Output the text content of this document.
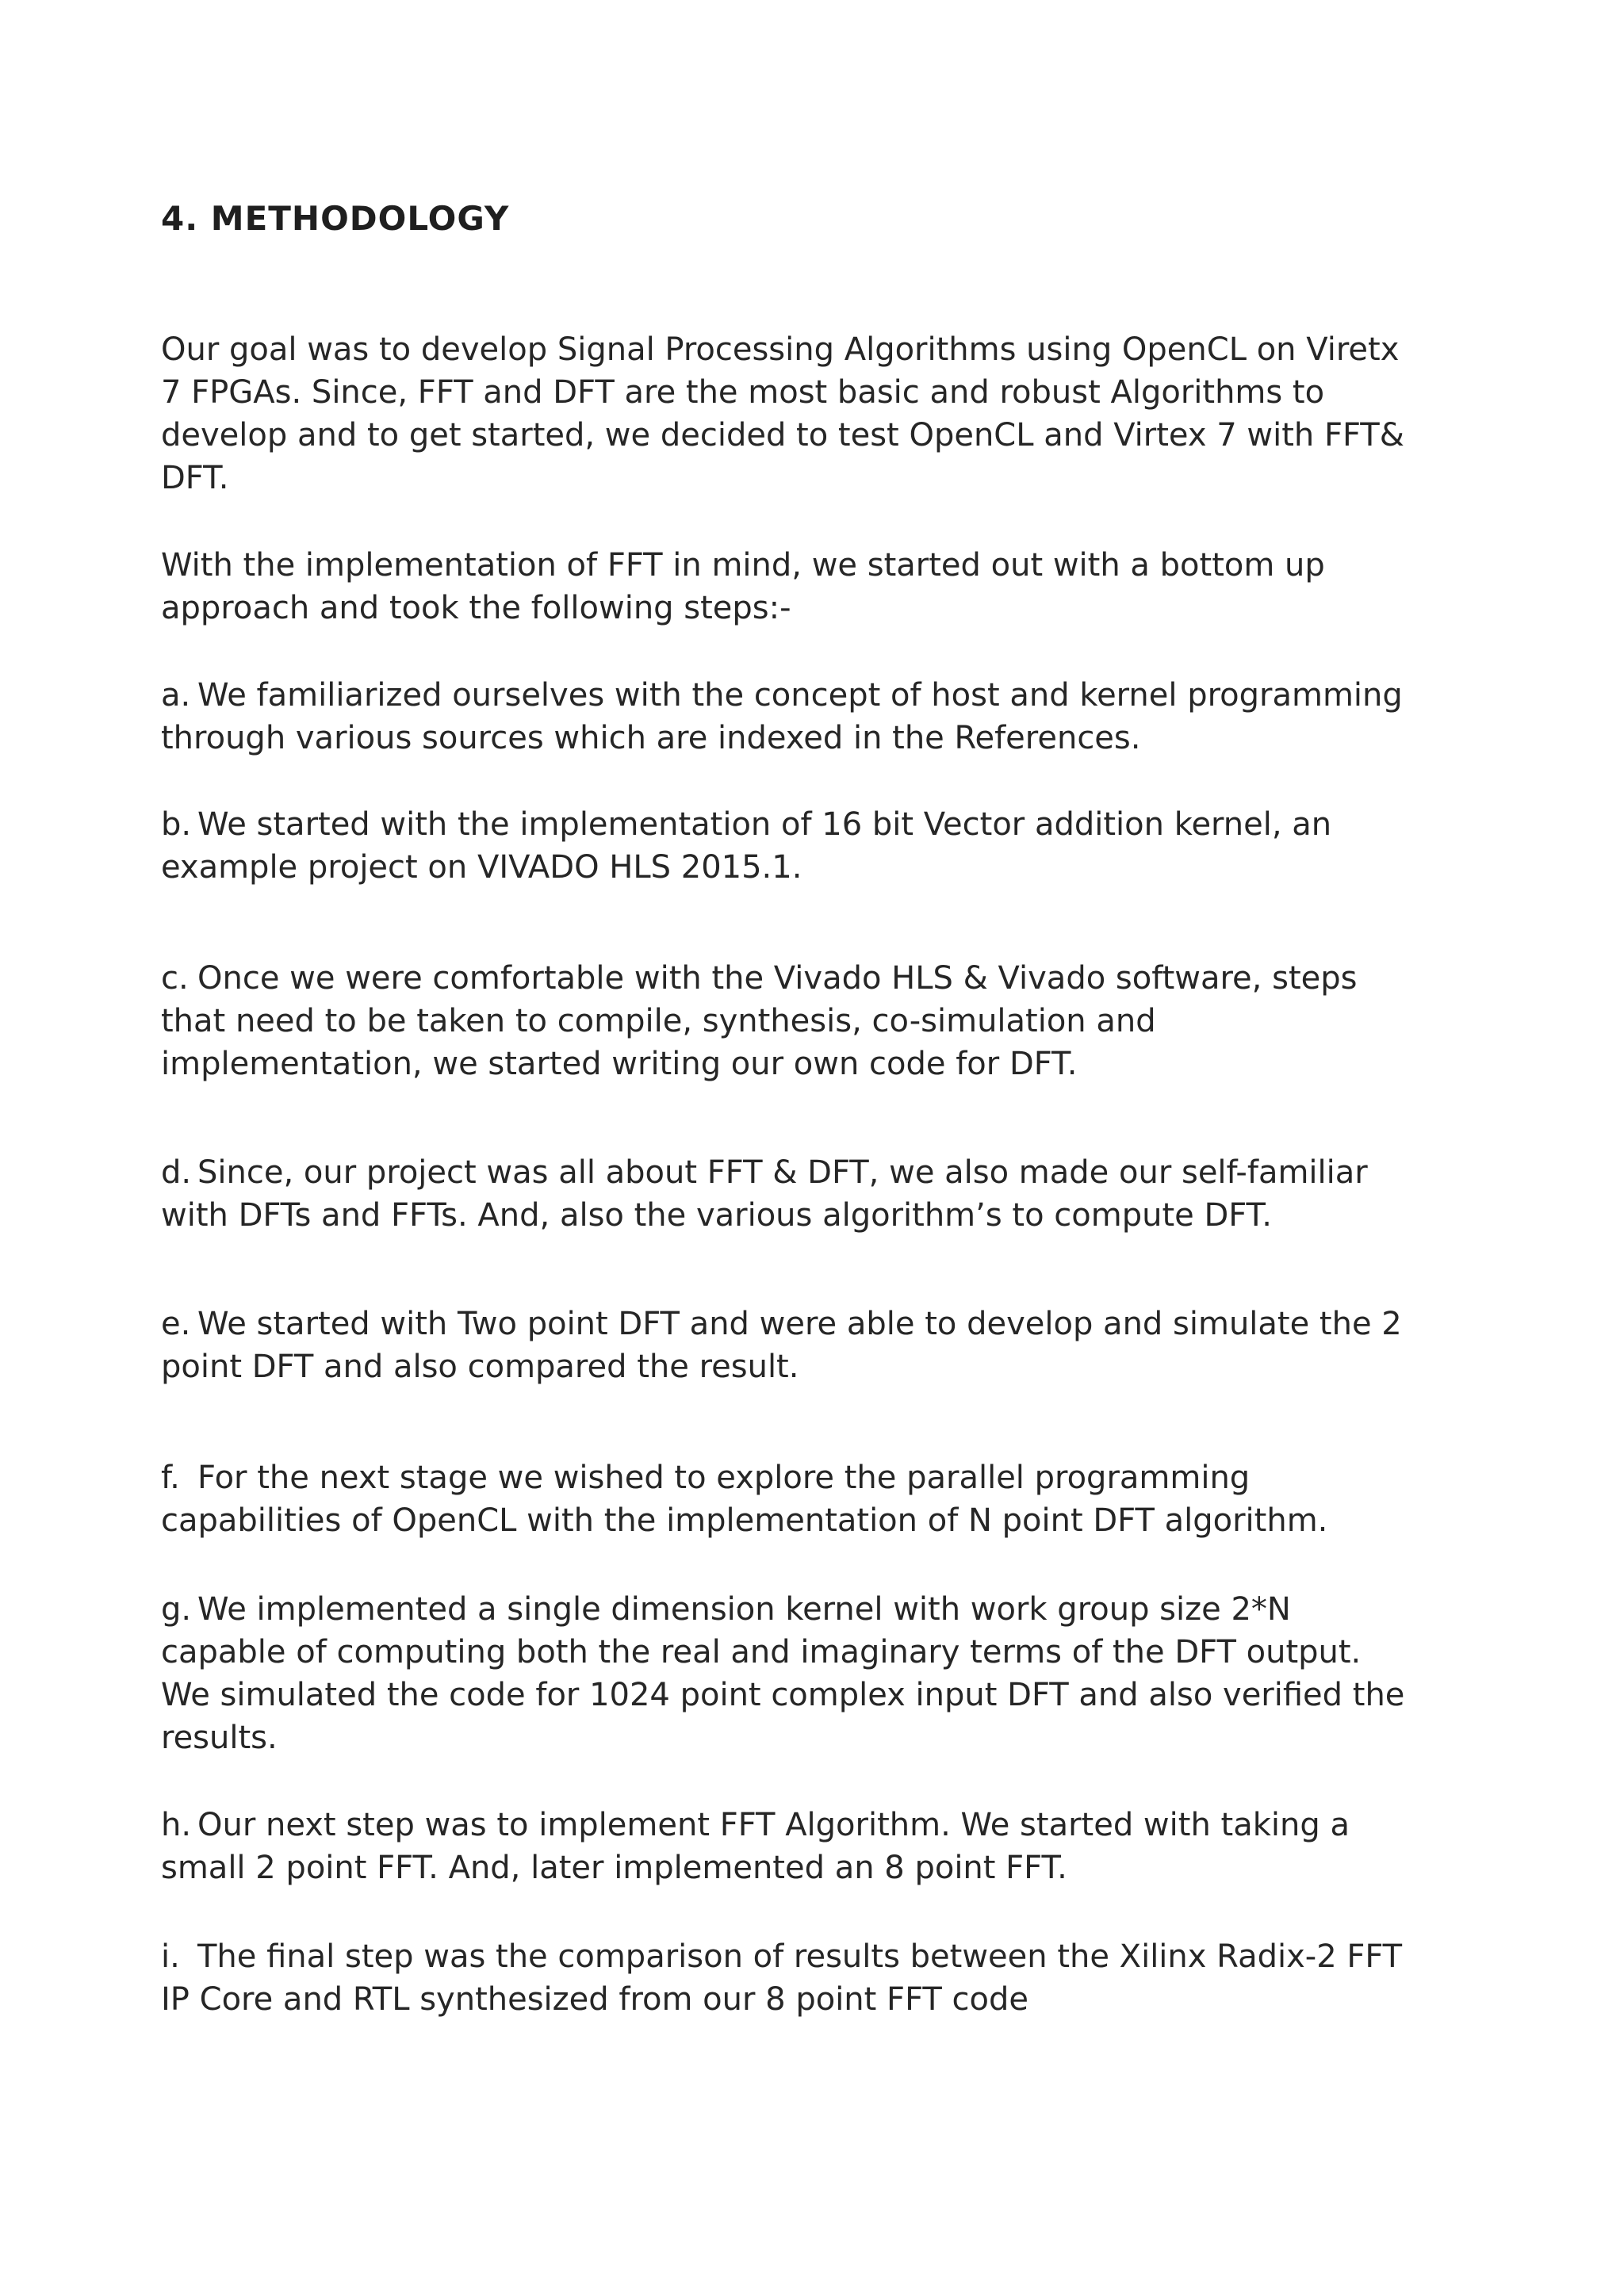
4. METHODOLOGY

Our goal was to develop Signal Processing Algorithms using OpenCL on Viretx
7 FPGAs. Since, FFT and DFT are the most basic and robust Algorithms to
develop and to get started, we decided to test OpenCL and Virtex 7 with FFT&
DFT.

With the implementation of FFT in mind, we started out with a bottom up
approach and took the following steps:-

a. We familiarized ourselves with the concept of host and kernel programming
through various sources which are indexed in the References.

b. We started with the implementation of 16 bit Vector addition kernel, an
example project on VIVADO HLS 2015.1.

c. Once we were comfortable with the Vivado HLS & Vivado software, steps
that need to be taken to compile, synthesis, co-simulation and
implementation, we started writing our own code for DFT.

d. Since, our project was all about FFT & DFT, we also made our self-familiar
with DFTs and FFTs. And, also the various algorithm’s to compute DFT.

e. We started with Two point DFT and were able to develop and simulate the 2
point DFT and also compared the result.

f. For the next stage we wished to explore the parallel programming
capabilities of OpenCL with the implementation of N point DFT algorithm.

g. We implemented a single dimension kernel with work group size 2*N
capable of computing both the real and imaginary terms of the DFT output.
We simulated the code for 1024 point complex input DFT and also verified the
results.

h. Our next step was to implement FFT Algorithm. We started with taking a
small 2 point FFT. And, later implemented an 8 point FFT.

i. The final step was the comparison of results between the Xilinx Radix-2 FFT
IP Core and RTL synthesized from our 8 point FFT code
